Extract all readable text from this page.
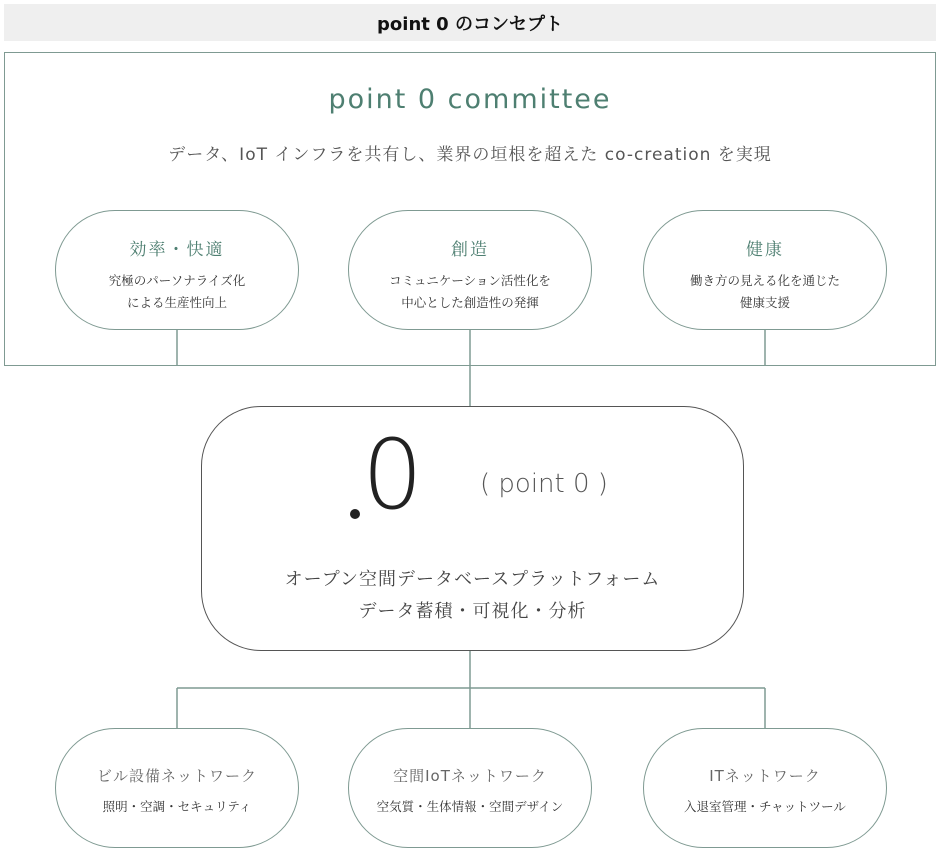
point 0 のコンセプト
point 0 committee
データ、IoT インフラを共有し、業界の垣根を超えた co-creation を実現
効率・快適
究極のパーソナライズ化
による生産性向上
創造
コミュニケーション活性化を
中心とした創造性の発揮
健康
働き方の見える化を通じた
健康支援
0 ( point 0 )
オープン空間データベースプラットフォーム
データ蓄積・可視化・分析
ビル設備ネットワーク
照明・空調・セキュリティ
空間IoTネットワーク
空気質・生体情報・空間デザイン
ITネットワーク
入退室管理・チャットツール
